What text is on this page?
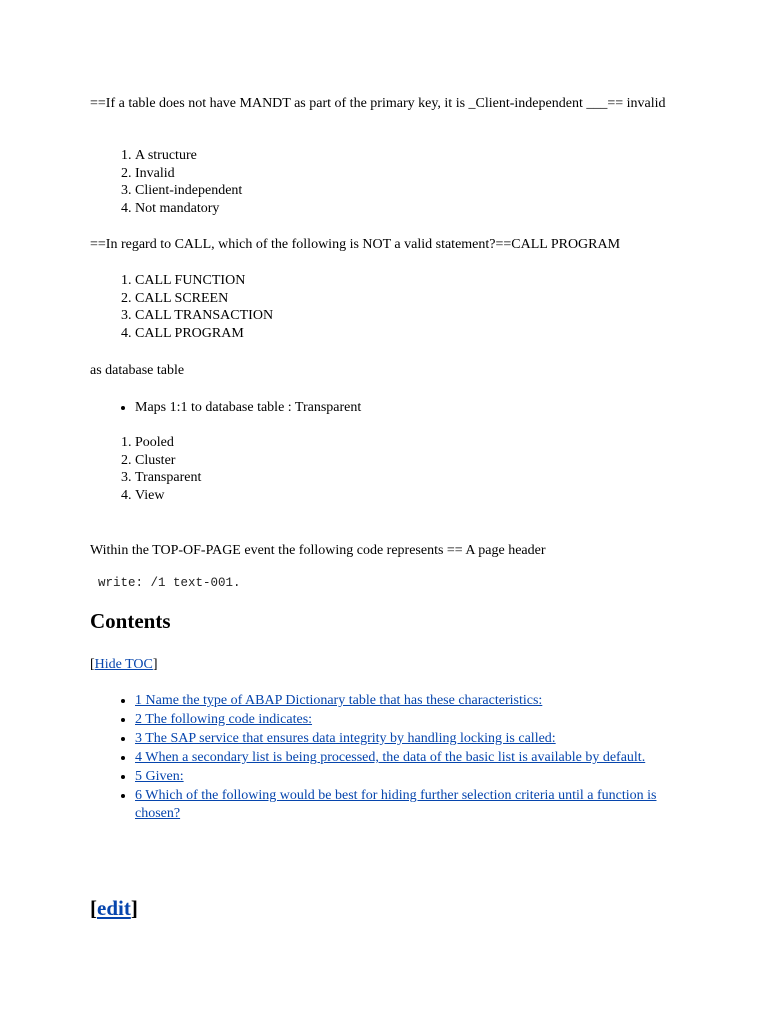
==If a table does not have MANDT as part of the primary key, it is _Client-independent ___== invalid

1. A structure
2. Invalid
3. Client-independent
4. Not mandatory

==In regard to CALL, which of the following is NOT a valid statement?==CALL PROGRAM

1. CALL FUNCTION
2. CALL SCREEN
3. CALL TRANSACTION
4. CALL PROGRAM

as database table

• Maps 1:1 to database table : Transparent
1. Pooled
2. Cluster
3. Transparent
4. View

Within the TOP-OF-PAGE event the following code represents == A page header

write: /1 text-001.
Contents

[Hide TOC]

• 1 Name the type of ABAP Dictionary table that has these characteristics:
• 2 The following code indicates:
• 3 The SAP service that ensures data integrity by handling locking is called:
• 4 When a secondary list is being processed, the data of the basic list is available by default.
• 5 Given:
• 6 Which of the following would be best for hiding further selection criteria until a function is chosen?
[edit]
